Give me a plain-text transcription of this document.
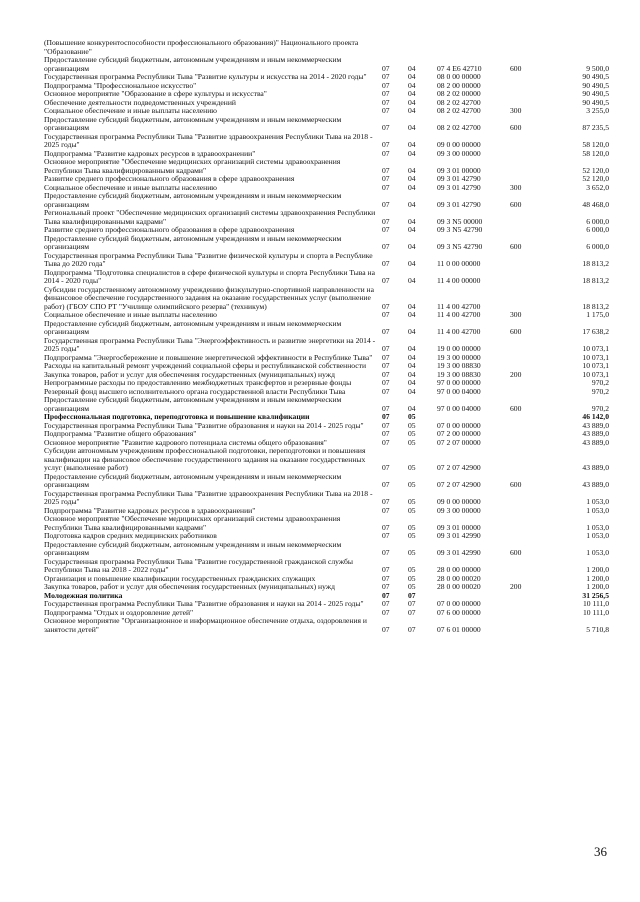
(Повышение конкурентоспособности профессионального образования)" Национального проекта "Образование"
Предоставление субсидий бюджетным, автономным учреждениям и иным некоммерческим организациям	07	04	07 4 E6 42710	600	9 500,0
Государственная программа Республики Тыва "Развитие культуры и искусства на 2014 - 2020 годы"	07	04	08 0 00 00000	90 490,5
Подпрограмма "Профессиональное искусство"	07	04	08 2 00 00000	90 490,5
Основное мероприятие "Образование в сфере культуры и искусства"	07	04	08 2 02 00000	90 490,5
Обеспечение деятельности подведомственных учреждений	07	04	08 2 02 42700	90 490,5
Социальное обеспечение и иные выплаты населению	07	04	08 2 02 42700	300	3 255,0
Предоставление субсидий бюджетным, автономным учреждениям и иным некоммерческим организациям	07	04	08 2 02 42700	600	87 235,5
Государственная программа Республики Тыва "Развитие здравоохранения Республики Тыва на 2018 - 2025 годы"	07	04	09 0 00 00000	58 120,0
Подпрограмма "Развитие кадровых ресурсов в здравоохранении"	07	04	09 3 00 00000	58 120,0
Основное мероприятие "Обеспечение медицинских организаций системы здравоохранения Республики Тыва квалифицированными кадрами"	07	04	09 3 01 00000	52 120,0
Развитие среднего профессионального образования в сфере здравоохранения	07	04	09 3 01 42790	52 120,0
Социальное обеспечение и иные выплаты населению	07	04	09 3 01 42790	300	3 652,0
Предоставление субсидий бюджетным, автономным учреждениям и иным некоммерческим организациям	07	04	09 3 01 42790	600	48 468,0
Региональный проект "Обеспечение медицинских организаций системы здравоохранения Республики Тыва квалифицированными кадрами"	07	04	09 3 N5 00000	6 000,0
Развитие среднего профессионального образования в сфере здравоохранения	07	04	09 3 N5 42790	6 000,0
Предоставление субсидий бюджетным, автономным учреждениям и иным некоммерческим организациям	07	04	09 3 N5 42790	600	6 000,0
Государственная программа Республики Тыва "Развитие физической культуры и спорта в Республике Тыва до 2020 года"	07	04	11 0 00 00000	18 813,2
Подпрограмма "Подготовка специалистов в сфере физической культуры и спорта Республики Тыва на 2014 - 2020 годы"	07	04	11 4 00 00000	18 813,2
Субсидии государственному автономному учреждению физкультурно-спортивной направленности на финансовое обеспечение государственного задания на оказание государственных услуг (выполнение работ) (ГБОУ СПО РТ "Училище олимпийского резерва" (техникум)	07	04	11 4 00 42700	18 813,2
Социальное обеспечение и иные выплаты населению	07	04	11 4 00 42700	300	1 175,0
Предоставление субсидий бюджетным, автономным учреждениям и иным некоммерческим организациям	07	04	11 4 00 42700	600	17 638,2
Государственная программа Республики Тыва "Энергоэффективность и развитие энергетики на 2014 - 2025 годы"	07	04	19 0 00 00000	10 073,1
Подпрограмма "Энергосбережение и повышение энергетической эффективности в Республике Тыва"	07	04	19 3 00 00000	10 073,1
Расходы на капитальный ремонт учреждений социальной сферы и республиканской собственности	07	04	19 3 00 08830	10 073,1
Закупка товаров, работ и услуг для обеспечения государственных (муниципальных) нужд	07	04	19 3 00 08830	200	10 073,1
Непрограммные расходы по предоставлению межбюджетных трансфертов и резервные фонды	07	04	97 0 00 00000	970,2
Резервный фонд высшего исполнительного органа государственной власти Республики Тыва	07	04	97 0 00 04000	970,2
Предоставление субсидий бюджетным, автономным учреждениям и иным некоммерческим организациям	07	04	97 0 00 04000	600	970,2
Профессиональная подготовка, переподготовка и повышение квалификации	07	05	46 142,0
Государственная программа Республики Тыва "Развитие образования и науки на 2014 - 2025 годы"	07	05	07 0 00 00000	43 889,0
Подпрограмма "Развитие общего образования"	07	05	07 2 00 00000	43 889,0
Основное мероприятие "Развитие кадрового потенциала системы общего образования"	07	05	07 2 07 00000	43 889,0
Субсидии автономным учреждениям профессиональной подготовки, переподготовки и повышения квалификации на финансовое обеспечение государственного задания на оказание государственных услуг (выполнение работ)	07	05	07 2 07 42900	43 889,0
Предоставление субсидий бюджетным, автономным учреждениям и иным некоммерческим организациям	07	05	07 2 07 42900	600	43 889,0
Государственная программа Республики Тыва "Развитие здравоохранения Республики Тыва на 2018 - 2025 годы"	07	05	09 0 00 00000	1 053,0
Подпрограмма "Развитие кадровых ресурсов в здравоохранении"	07	05	09 3 00 00000	1 053,0
Основное мероприятие "Обеспечение медицинских организаций системы здравоохранения Республики Тыва квалифицированными кадрами"	07	05	09 3 01 00000	1 053,0
Подготовка кадров средних медицинских работников	07	05	09 3 01 42990	1 053,0
Предоставление субсидий бюджетным, автономным учреждениям и иным некоммерческим организациям	07	05	09 3 01 42990	600	1 053,0
Государственная программа Республики Тыва "Развитие государственной гражданской службы Республики Тыва на 2018 - 2022 годы"	07	05	28 0 00 00000	1 200,0
Организация и повышение квалификации государственных гражданских служащих	07	05	28 0 00 00020	1 200,0
Закупка товаров, работ и услуг для обеспечения государственных (муниципальных) нужд	07	05	28 0 00 00020	200	1 200,0
Молодежная политика	07	07	31 256,5
Государственная программа Республики Тыва "Развитие образования и науки на 2014 - 2025 годы"	07	07	07 0 00 00000	10 111,0
Подпрограмма "Отдых и оздоровление детей"	07	07	07 6 00 00000	10 111,0
Основное мероприятие "Организационное и информационное обеспечение отдыха, оздоровления и занятости детей"	07	07	07 6 01 00000	5 710,8
36
